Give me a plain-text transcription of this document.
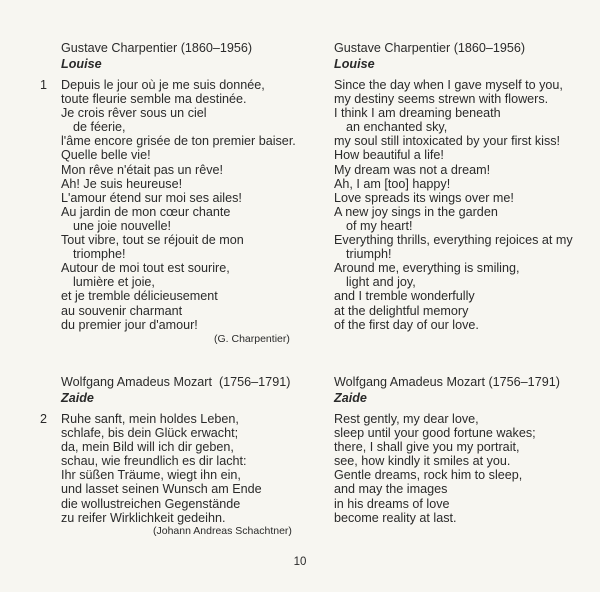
Gustave Charpentier (1860–1956)
Louise
1 Depuis le jour où je me suis donnée,
toute fleurie semble ma destinée.
Je crois rêver sous un ciel
de féerie,
l'âme encore grisée de ton premier baiser.
Quelle belle vie!
Mon rêve n'était pas un rêve!
Ah! Je suis heureuse!
L'amour étend sur moi ses ailes!
Au jardin de mon cœur chante
une joie nouvelle!
Tout vibre, tout se réjouit de mon
triomphe!
Autour de moi tout est sourire,
lumière et joie,
et je tremble délicieusement
au souvenir charmant
du premier jour d'amour!
(G. Charpentier)
Gustave Charpentier (1860–1956)
Louise
Since the day when I gave myself to you,
my destiny seems strewn with flowers.
I think I am dreaming beneath
an enchanted sky,
my soul still intoxicated by your first kiss!
How beautiful a life!
My dream was not a dream!
Ah, I am [too] happy!
Love spreads its wings over me!
A new joy sings in the garden
of my heart!
Everything thrills, everything rejoices at my
triumph!
Around me, everything is smiling,
light and joy,
and I tremble wonderfully
at the delightful memory
of the first day of our love.
Wolfgang Amadeus Mozart  (1756–1791)
Zaide
2 Ruhe sanft, mein holdes Leben,
schlafe, bis dein Glück erwacht;
da, mein Bild will ich dir geben,
schau, wie freundlich es dir lacht:
Ihr süßen Träume, wiegt ihn ein,
und lasset seinen Wunsch am Ende
die wollustreichen Gegenstände
zu reifer Wirklichkeit gedeihn.
(Johann Andreas Schachtner)
Wolfgang Amadeus Mozart (1756–1791)
Zaide
Rest gently, my dear love,
sleep until your good fortune wakes;
there, I shall give you my portrait,
see, how kindly it smiles at you.
Gentle dreams, rock him to sleep,
and may the images
in his dreams of love
become reality at last.
10
